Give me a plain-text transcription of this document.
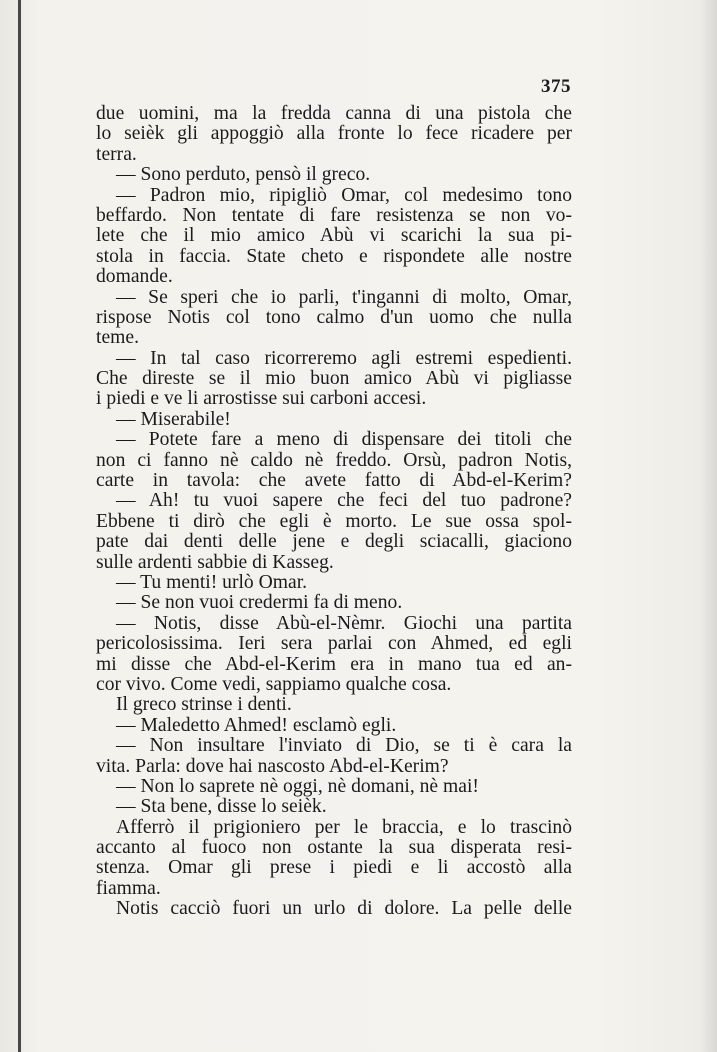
375
due uomini, ma la fredda canna di una pistola che
lo seièk gli appoggiò alla fronte lo fece ricadere per
terra.
— Sono perduto, pensò il greco.
— Padron mio, ripigliò Omar, col medesimo tono
beffardo. Non tentate di fare resistenza se non vo-
lete che il mio amico Abù vi scarichi la sua pi-
stola in faccia. State cheto e rispondete alle nostre
domande.
— Se speri che io parli, t'inganni di molto, Omar,
rispose Notis col tono calmo d'un uomo che nulla
teme.
— In tal caso ricorreremo agli estremi espedienti.
Che direste se il mio buon amico Abù vi pigliasse
i piedi e ve li arrostisse sui carboni accesi.
— Miserabile!
— Potete fare a meno di dispensare dei titoli che
non ci fanno nè caldo nè freddo. Orsù, padron Notis,
carte in tavola: che avete fatto di Abd-el-Kerim?
— Ah! tu vuoi sapere che feci del tuo padrone?
Ebbene ti dirò che egli è morto. Le sue ossa spol-
pate dai denti delle jene e degli sciacalli, giaciono
sulle ardenti sabbie di Kasseg.
— Tu menti! urlò Omar.
— Se non vuoi credermi fa di meno.
— Notis, disse Abù-el-Nèmr. Giochi una partita
pericolosissima. Ieri sera parlai con Ahmed, ed egli
mi disse che Abd-el-Kerim era in mano tua ed an-
cor vivo. Come vedi, sappiamo qualche cosa.
Il greco strinse i denti.
— Maledetto Ahmed! esclamò egli.
— Non insultare l'inviato di Dio, se ti è cara la
vita. Parla: dove hai nascosto Abd-el-Kerim?
— Non lo saprete nè oggi, nè domani, nè mai!
— Sta bene, disse lo seièk.
Afferrò il prigioniero per le braccia, e lo trascinò
accanto al fuoco non ostante la sua disperata resi-
stenza. Omar gli prese i piedi e li accostò alla
fiamma.
Notis cacciò fuori un urlo di dolore. La pelle delle
